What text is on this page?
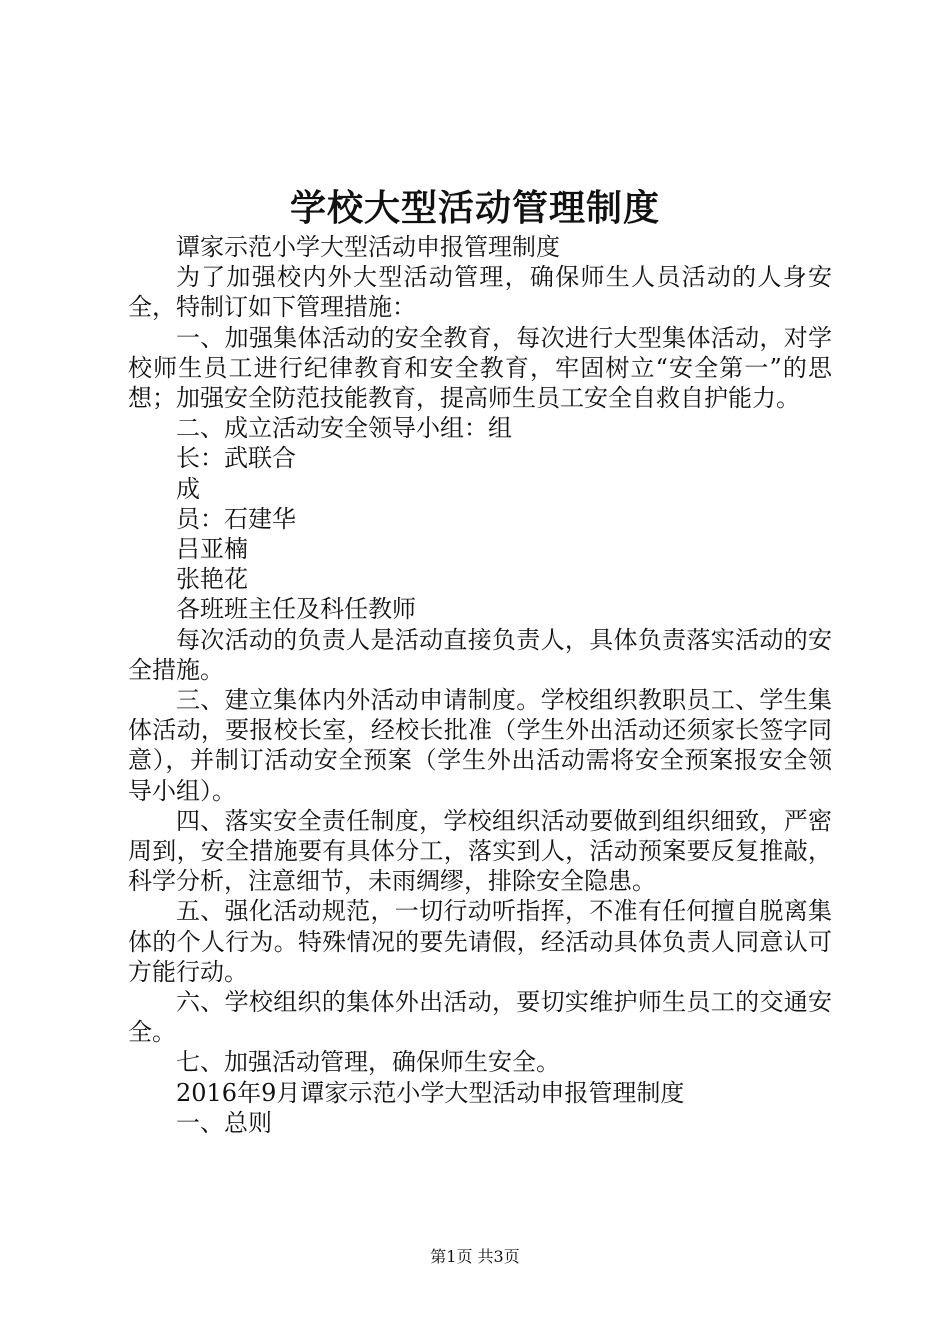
学校大型活动管理制度

谭家示范小学大型活动申报管理制度

为了加强校内外大型活动管理，确保师生人员活动的人身安全，特制订如下管理措施：

一、加强集体活动的安全教育，每次进行大型集体活动，对学校师生员工进行纪律教育和安全教育，牢固树立“安全第一”的思想；加强安全防范技能教育，提高师生员工安全自救自护能力。

二、成立活动安全领导小组：组

长：武联合

成

员：石建华

吕亚楠

张艳花

各班班主任及科任教师

每次活动的负责人是活动直接负责人，具体负责落实活动的安全措施。

三、建立集体内外活动申请制度。学校组织教职员工、学生集体活动，要报校长室，经校长批准（学生外出活动还须家长签字同意），并制订活动安全预案（学生外出活动需将安全预案报安全领导小组）。

四、落实安全责任制度，学校组织活动要做到组织细致，严密周到，安全措施要有具体分工，落实到人，活动预案要反复推敲，科学分析，注意细节，未雨绸缪，排除安全隐患。

五、强化活动规范，一切行动听指挥，不准有任何擅自脱离集体的个人行为。特殊情况的要先请假，经活动具体负责人同意认可方能行动。

六、学校组织的集体外出活动，要切实维护师生员工的交通安全。

七、加强活动管理，确保师生安全。

2016年9月谭家示范小学大型活动申报管理制度

一、总则

第1页 共3页
